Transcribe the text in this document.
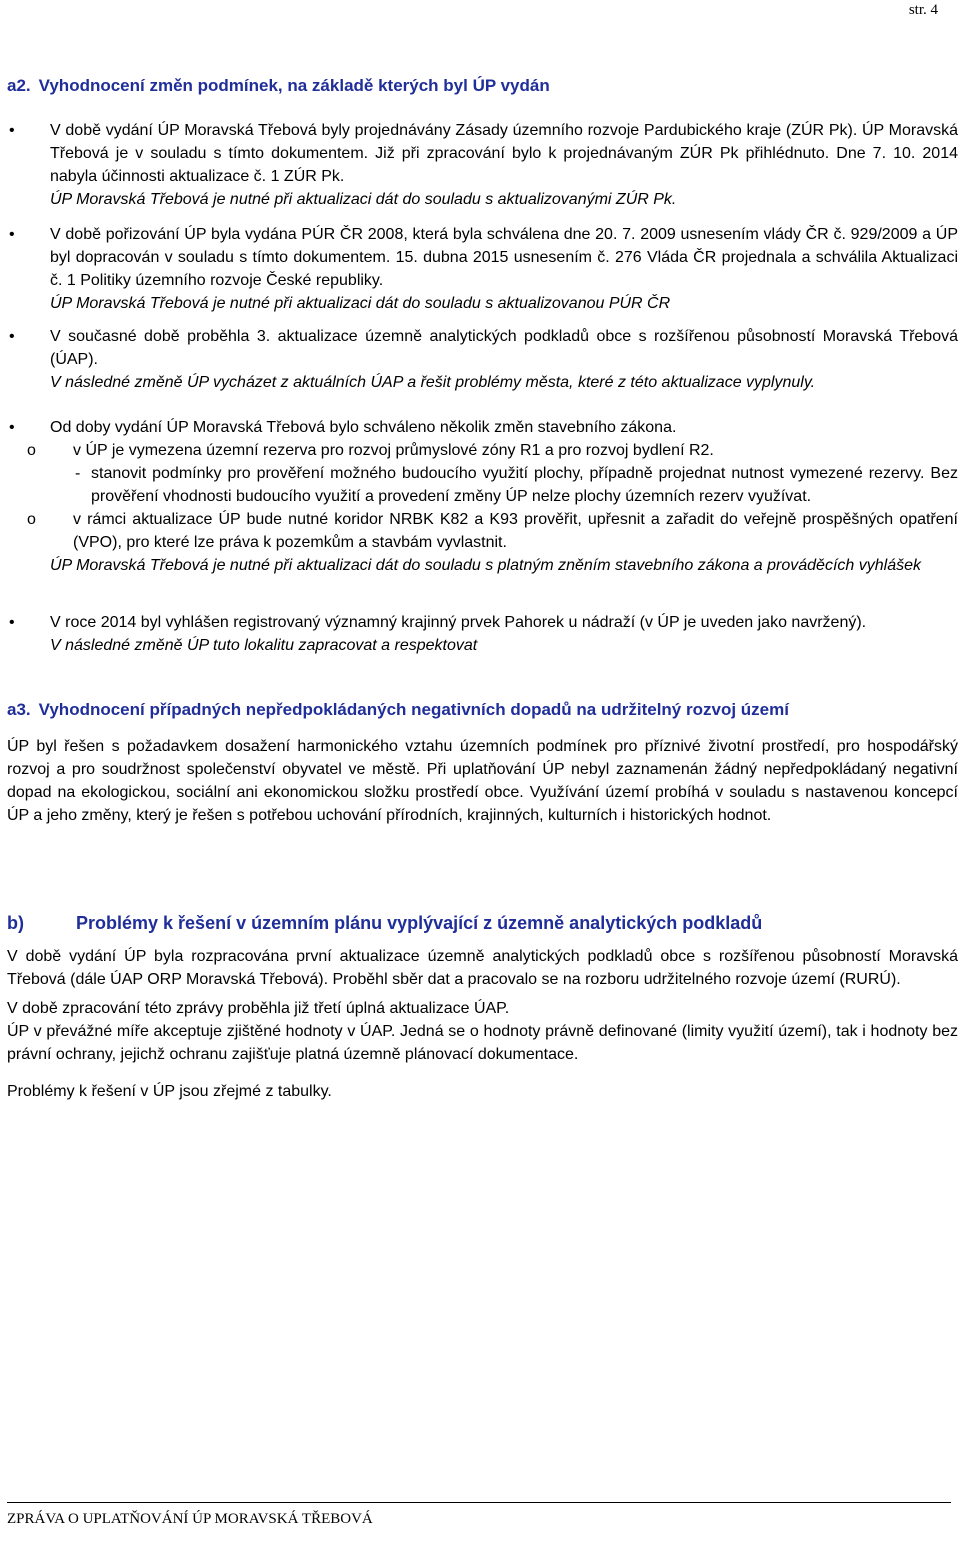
str. 4
a2. Vyhodnocení změn podmínek, na základě kterých byl ÚP vydán
• V době vydání ÚP Moravská Třebová byly projednávány Zásady územního rozvoje Pardubického kraje (ZÚR Pk). ÚP Moravská Třebová je v souladu s tímto dokumentem. Již při zpracování bylo k projednávaným ZÚR Pk přihlédnuto. Dne 7. 10. 2014 nabyla účinnosti aktualizace č. 1 ZÚR Pk.

ÚP Moravská Třebová je nutné při aktualizaci dát do souladu s aktualizovanými ZÚR Pk.

• V době pořizování ÚP byla vydána PÚR ČR 2008, která byla schválena dne 20. 7. 2009 usnesením vlády ČR č. 929/2009 a ÚP byl dopracován v souladu s tímto dokumentem. 15. dubna 2015 usnesením č. 276 Vláda ČR projednala a schválila Aktualizaci č. 1 Politiky územního rozvoje České republiky.

ÚP Moravská Třebová je nutné při aktualizaci dát do souladu s aktualizovanou PÚR ČR

• V současné době proběhla 3. aktualizace územně analytických podkladů obce s rozšířenou působností Moravská Třebová (ÚAP).

V následné změně ÚP vycházet z aktuálních ÚAP a řešit problémy města, které z této aktualizace vyplynuly.

• Od doby vydání ÚP Moravská Třebová bylo schváleno několik změn stavebního zákona.

o v ÚP je vymezena územní rezerva pro rozvoj průmyslové zóny R1 a pro rozvoj bydlení R2.

- stanovit podmínky pro prověření možného budoucího využití plochy, případně projednat nutnost vymezené rezervy. Bez prověření vhodnosti budoucího využití a provedení změny ÚP nelze plochy územních rezerv využívat.

o v rámci aktualizace ÚP bude nutné koridor NRBK K82 a K93 prověřit, upřesnit a zařadit do veřejně prospěšných opatření (VPO), pro které lze práva k pozemkům a stavbám vyvlastnit.

ÚP Moravská Třebová je nutné při aktualizaci dát do souladu s platným zněním stavebního zákona a prováděcích vyhlášek

• V roce 2014 byl vyhlášen registrovaný významný krajinný prvek Pahorek u nádraží (v ÚP je uveden jako navržený).

V následné změně ÚP tuto lokalitu zapracovat a respektovat

a3. Vyhodnocení případných nepředpokládaných negativních dopadů na udržitelný rozvoj území

ÚP byl řešen s požadavkem dosažení harmonického vztahu územních podmínek pro příznivé životní prostředí, pro hospodářský rozvoj a pro soudržnost společenství obyvatel ve městě. Při uplatňování ÚP nebyl zaznamenán žádný nepředpokládaný negativní dopad na ekologickou, sociální ani ekonomickou složku prostředí obce. Využívání území probíhá v souladu s nastavenou koncepcí ÚP a jeho změny, který je řešen s potřebou uchování přírodních, krajinných, kulturních i historických hodnot.

b)	Problémy k řešení v územním plánu vyplývající z územně analytických podkladů

V době vydání ÚP byla rozpracována první aktualizace územně analytických podkladů obce s rozšířenou působností Moravská Třebová (dále ÚAP ORP Moravská Třebová). Proběhl sběr dat a pracovalo se na rozboru udržitelného rozvoje území (RURÚ).

V době zpracování této zprávy proběhla již třetí úplná aktualizace ÚAP.

ÚP v převážné míře akceptuje zjištěné hodnoty v ÚAP. Jedná se o hodnoty právně definované (limity využití území), tak i hodnoty bez právní ochrany, jejichž ochranu zajišťuje platná územně plánovací dokumentace.

Problémy k řešení v ÚP jsou zřejmé z tabulky.

ZPRÁVA O UPLATŇOVÁNÍ ÚP MORAVSKÁ TŘEBOVÁ
